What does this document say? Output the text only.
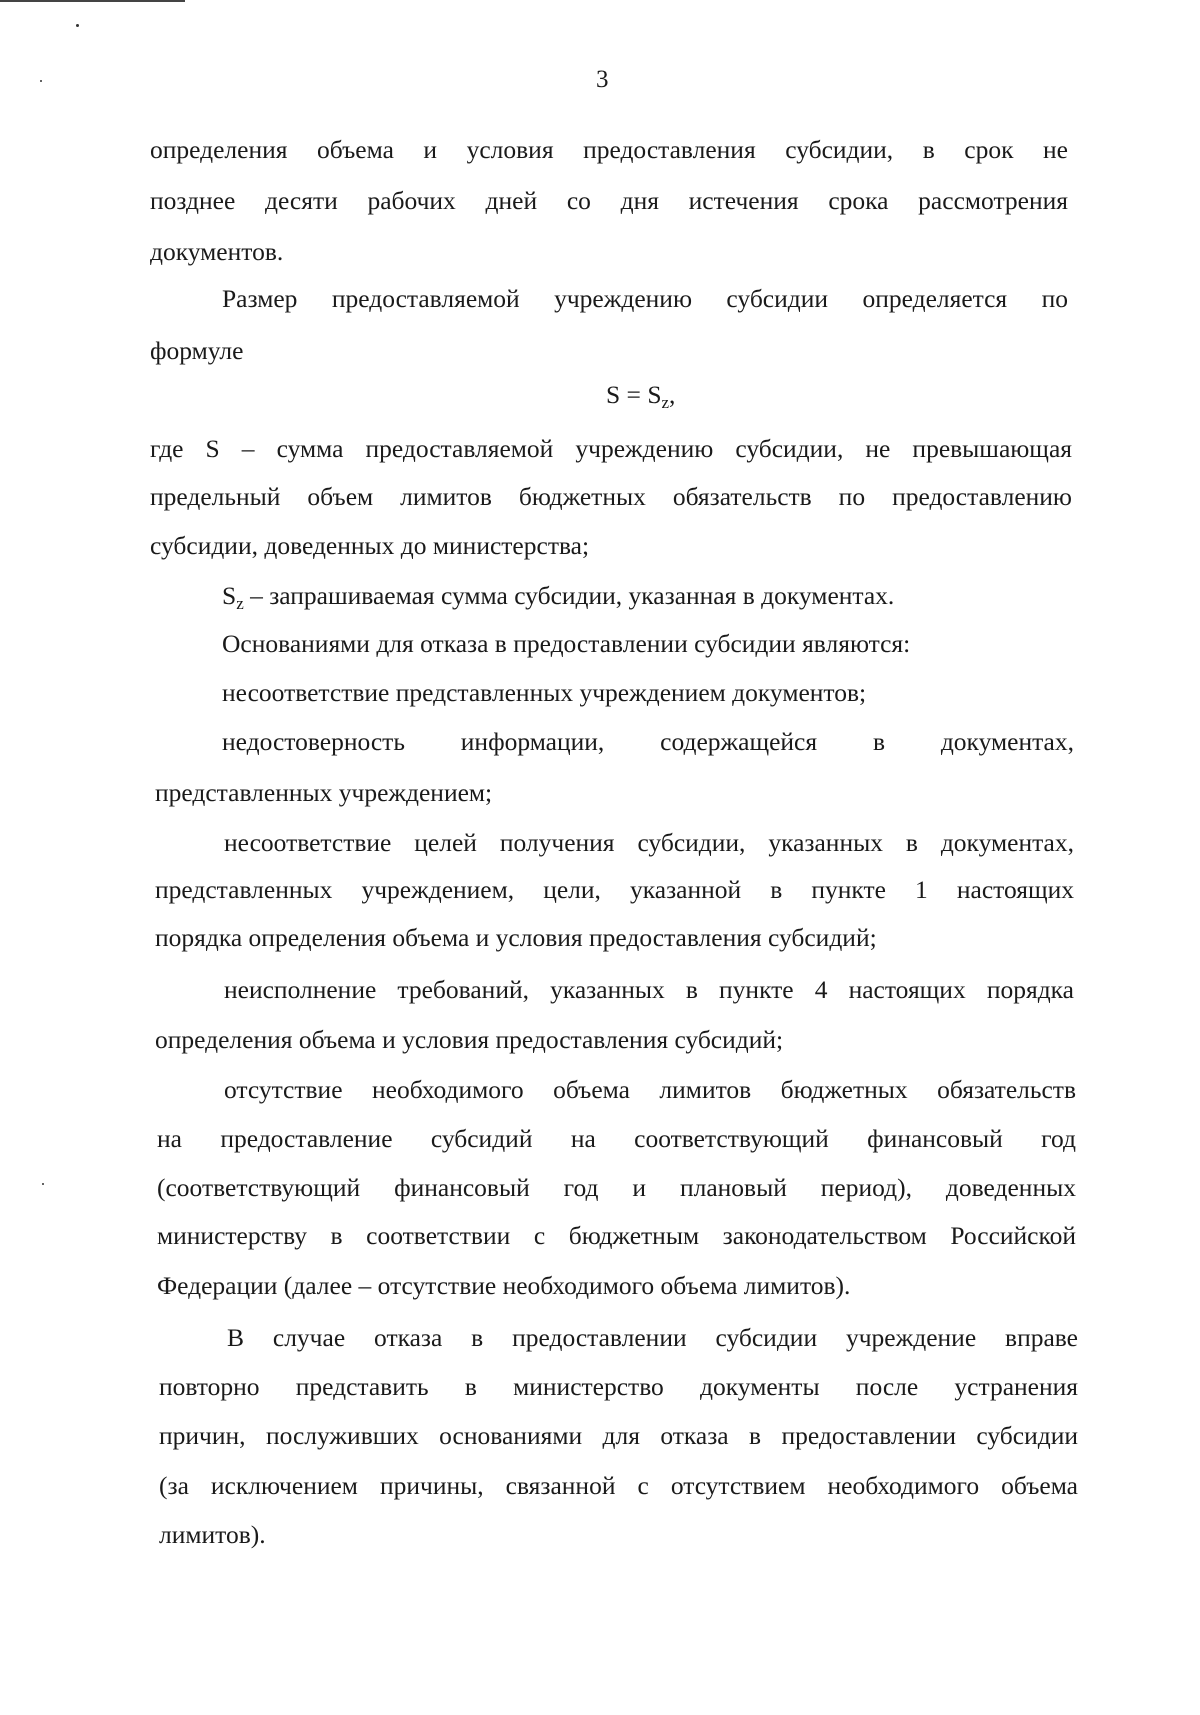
3
определения объема и условия предоставления субсидии, в срок не
позднее десяти рабочих дней со дня истечения срока рассмотрения
документов.
Размер предоставляемой учреждению субсидии определяется по
формуле
$S = S_z$,
где S – сумма предоставляемой учреждению субсидии, не превышающая
предельный объем лимитов бюджетных обязательств по предоставлению
субсидии, доведенных до министерства;
$S_z$ – запрашиваемая сумма субсидии, указанная в документах.
Основаниями для отказа в предоставлении субсидии являются:
несоответствие представленных учреждением документов;
недостоверность информации, содержащейся в документах,
представленных учреждением;
несоответствие целей получения субсидии, указанных в документах,
представленных учреждением, цели, указанной в пункте 1 настоящих
порядка определения объема и условия предоставления субсидий;
неисполнение требований, указанных в пункте 4 настоящих порядка
определения объема и условия предоставления субсидий;
отсутствие необходимого объема лимитов бюджетных обязательств
на предоставление субсидий на соответствующий финансовый год
(соответствующий финансовый год и плановый период), доведенных
министерству в соответствии с бюджетным законодательством Российской
Федерации (далее – отсутствие необходимого объема лимитов).
В случае отказа в предоставлении субсидии учреждение вправе
повторно представить в министерство документы после устранения
причин, послуживших основаниями для отказа в предоставлении субсидии
(за исключением причины, связанной с отсутствием необходимого объема
лимитов).
